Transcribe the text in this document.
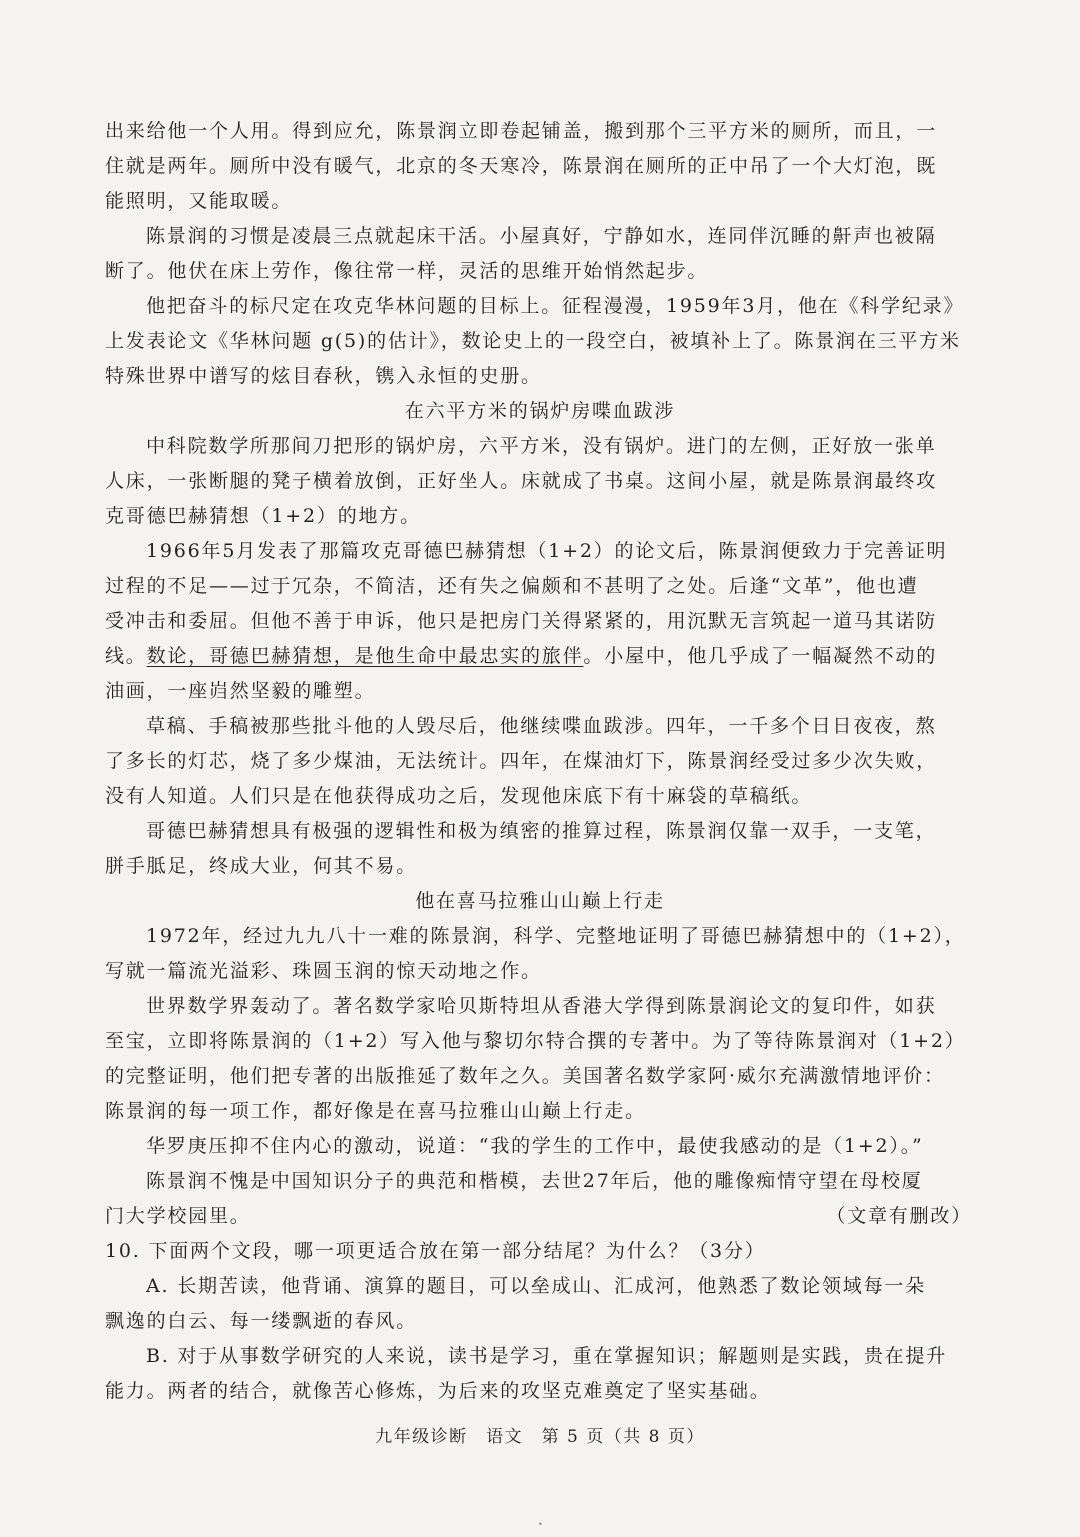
出来给他一个人用。得到应允，陈景润立即卷起铺盖，搬到那个三平方米的厕所，而且，一
住就是两年。厕所中没有暖气，北京的冬天寒冷，陈景润在厕所的正中吊了一个大灯泡，既
能照明，又能取暖。
陈景润的习惯是凌晨三点就起床干活。小屋真好，宁静如水，连同伴沉睡的鼾声也被隔
断了。他伏在床上劳作，像往常一样，灵活的思维开始悄然起步。
他把奋斗的标尺定在攻克华林问题的目标上。征程漫漫，1959年3月，他在《科学纪录》
上发表论文《华林问题 g(5)的估计》，数论史上的一段空白，被填补上了。陈景润在三平方米
特殊世界中谱写的炫目春秋，镌入永恒的史册。
在六平方米的锅炉房喋血跋涉
中科院数学所那间刀把形的锅炉房，六平方米，没有锅炉。进门的左侧，正好放一张单
人床，一张断腿的凳子横着放倒，正好坐人。床就成了书桌。这间小屋，就是陈景润最终攻
克哥德巴赫猜想（1+2）的地方。
1966年5月发表了那篇攻克哥德巴赫猜想（1+2）的论文后，陈景润便致力于完善证明
过程的不足——过于冗杂，不简洁，还有失之偏颇和不甚明了之处。后逢“文革”，他也遭
受冲击和委屈。但他不善于申诉，他只是把房门关得紧紧的，用沉默无言筑起一道马其诺防
线。数论，哥德巴赫猜想，是他生命中最忠实的旅伴。小屋中，他几乎成了一幅凝然不动的
油画，一座岿然坚毅的雕塑。
草稿、手稿被那些批斗他的人毁尽后，他继续喋血跋涉。四年，一千多个日日夜夜，熬
了多长的灯芯，烧了多少煤油，无法统计。四年，在煤油灯下，陈景润经受过多少次失败，
没有人知道。人们只是在他获得成功之后，发现他床底下有十麻袋的草稿纸。
哥德巴赫猜想具有极强的逻辑性和极为缜密的推算过程，陈景润仅靠一双手，一支笔，
胼手胝足，终成大业，何其不易。
他在喜马拉雅山山巅上行走
1972年，经过九九八十一难的陈景润，科学、完整地证明了哥德巴赫猜想中的（1+2），
写就一篇流光溢彩、珠圆玉润的惊天动地之作。
世界数学界轰动了。著名数学家哈贝斯特坦从香港大学得到陈景润论文的复印件，如获
至宝，立即将陈景润的（1+2）写入他与黎切尔特合撰的专著中。为了等待陈景润对（1+2）
的完整证明，他们把专著的出版推延了数年之久。美国著名数学家阿·威尔充满激情地评价：
陈景润的每一项工作，都好像是在喜马拉雅山山巅上行走。
华罗庚压抑不住内心的激动，说道：“我的学生的工作中，最使我感动的是（1+2）。”
陈景润不愧是中国知识分子的典范和楷模，去世27年后，他的雕像痴情守望在母校厦
门大学校园里。	（文章有删改）
10. 下面两个文段，哪一项更适合放在第一部分结尾？为什么？（3分）
A. 长期苦读，他背诵、演算的题目，可以垒成山、汇成河，他熟悉了数论领域每一朵
飘逸的白云、每一缕飘逝的春风。
B. 对于从事数学研究的人来说，读书是学习，重在掌握知识；解题则是实践，贵在提升
能力。两者的结合，就像苦心修炼，为后来的攻坚克难奠定了坚实基础。
九年级诊断　语文　第 5 页（共 8 页）
•
